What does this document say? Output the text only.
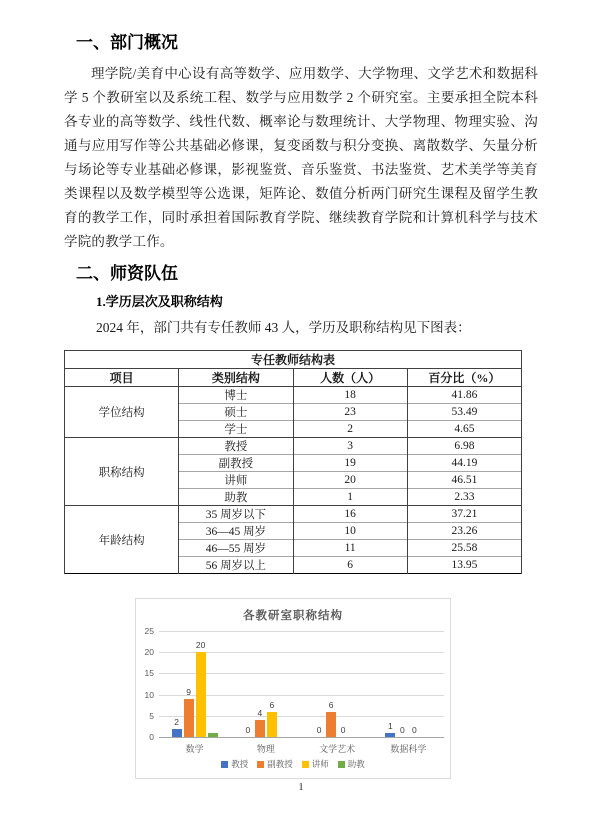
一、部门概况

理学院/美育中心设有高等数学、应用数学、大学物理、文学艺术和数据科学 5 个教研室以及系统工程、数学与应用数学 2 个研究室。主要承担全院本科各专业的高等数学、线性代数、概率论与数理统计、大学物理、物理实验、沟通与应用写作等公共基础必修课，复变函数与积分变换、离散数学、矢量分析与场论等专业基础必修课，影视鉴赏、音乐鉴赏、书法鉴赏、艺术美学等美育类课程以及数学模型等公选课，矩阵论、数值分析两门研究生课程及留学生教育的教学工作，同时承担着国际教育学院、继续教育学院和计算机科学与技术学院的教学工作。

二、师资队伍
1.学历层次及职称结构
2024 年，部门共有专任教师 43 人，学历及职称结构见下图表：
专任教师结构表			
项目	类别结构	人数（人）	百分比（%）
学位结构	博士	18	41.86
	硕士	23	53.49
	学士	2	4.65
职称结构	教授	3	6.98
	副教授	19	44.19
	讲师	20	46.51
	助教	1	2.33
年龄结构	35 周岁以下	16	37.21
	36—45 周岁	10	23.26
	46—55 周岁	11	25.58
	56 周岁以上	6	13.95
各教研室职称结构
0
5
10
15
20
25
2
9
20
0
4
6
0
6
0	1 0 0
数学	物理	文学艺术	数据科学
教授 副教授 讲师 助教
1
